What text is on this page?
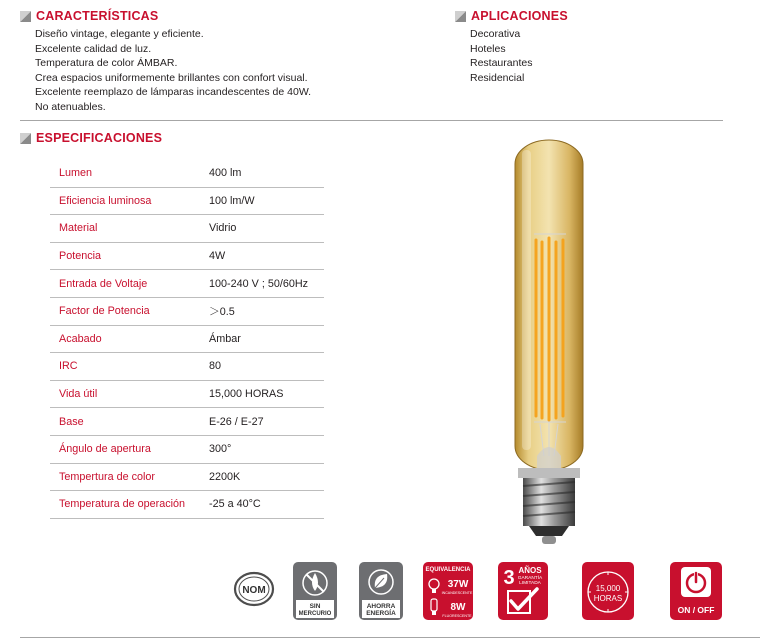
CARACTERÍSTICAS
Diseño vintage, elegante y eficiente.
Excelente calidad de luz.
Temperatura de color ÁMBAR.
Crea espacios uniformemente brillantes con confort visual.
Excelente reemplazo de lámparas incandescentes de 40W.
No atenuables.
APLICACIONES
Decorativa
Hoteles
Restaurantes
Residencial
ESPECIFICACIONES
Lumen	400 lm
Eficiencia luminosa	100 lm/W
Material	Vidrio
Potencia	4W
Entrada de Voltaje	100-240 V ; 50/60Hz
Factor de Potencia	＞0.5
Acabado	Ámbar
IRC	80
Vida útil	15,000 HORAS
Base	E-26 / E-27
Ángulo de apertura	300°
Tempertura de color	2200K
Temperatura de operación	-25 a 40°C
NOM
SIN
MERCURIO
AHORRA
ENERGÍA
EQUIVALENCIA
37W
INCANDESCENTE
8W
FLUORESCENTE
3 AÑOS
GARANTÍA
LIMITADA
15,000
HORAS
ON / OFF
